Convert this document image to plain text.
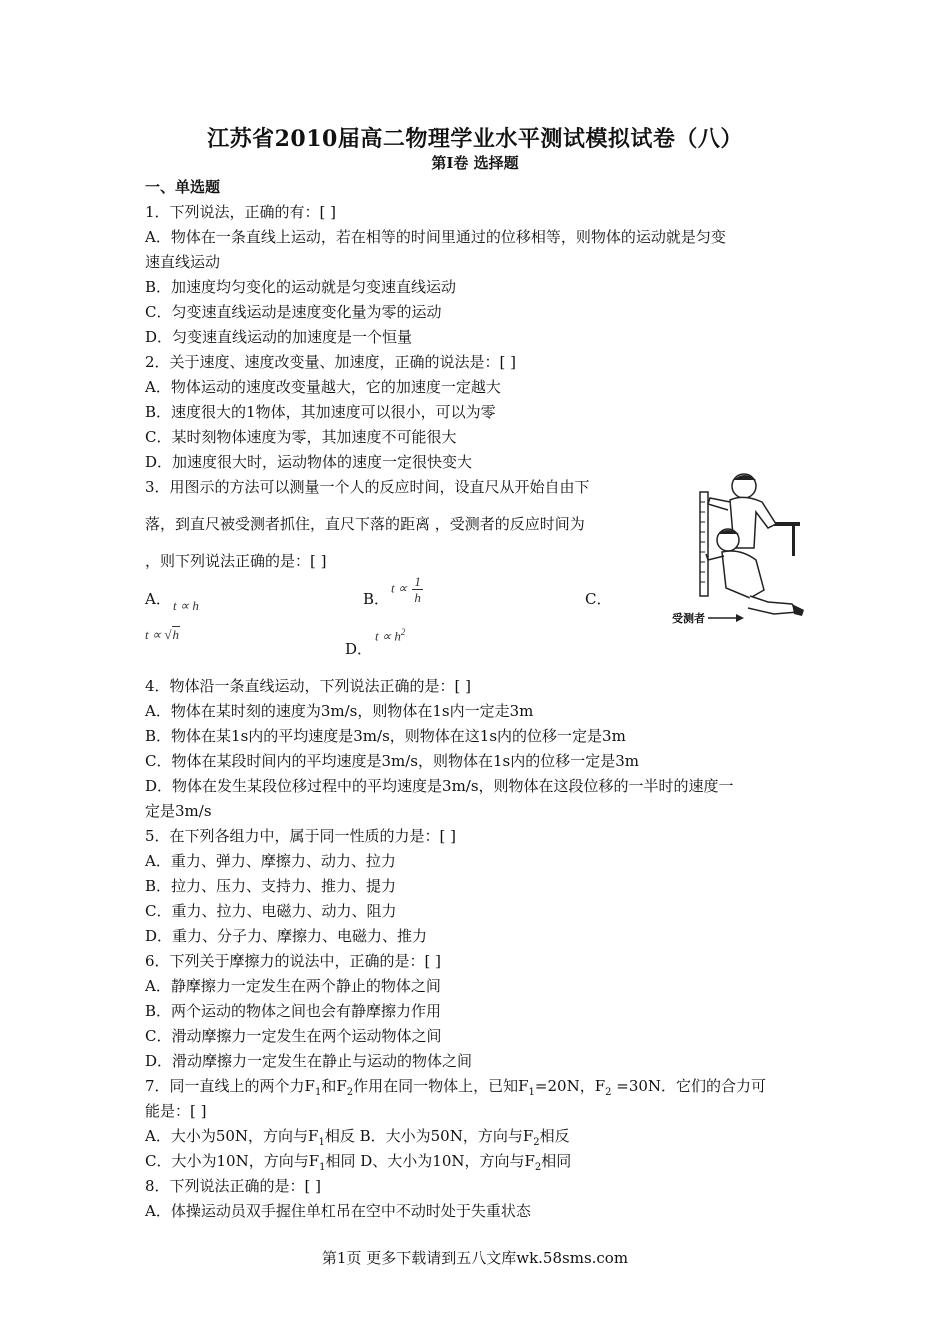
江苏省2010届高二物理学业水平测试模拟试卷（八）
第Ⅰ卷 选择题
一、单选题
1．下列说法，正确的有：[ ]
A．物体在一条直线上运动，若在相等的时间里通过的位移相等，则物体的运动就是匀变
速直线运动
B．加速度均匀变化的运动就是匀变速直线运动
C．匀变速直线运动是速度变化量为零的运动
D．匀变速直线运动的加速度是一个恒量
2．关于速度、速度改变量、加速度，正确的说法是：[ ]
A．物体运动的速度改变量越大，它的加速度一定越大
B．速度很大的1物体，其加速度可以很小，可以为零
C．某时刻物体速度为零，其加速度不可能很大
D．加速度很大时，运动物体的速度一定很快变大
3．用图示的方法可以测量一个人的反应时间，设直尺从开始自由下
落，到直尺被受测者抓住，直尺下落的距离 ，受测者的反应时间为
，则下列说法正确的是：[ ]
A． t ∝ h	B．
$t \propto \frac{1}{h}$	C．
t ∝ √h
D．
$t \propto h^2$
受测者
4．物体沿一条直线运动，下列说法正确的是：[ ]
A．物体在某时刻的速度为3m/s，则物体在1s内一定走3m
B．物体在某1s内的平均速度是3m/s，则物体在这1s内的位移一定是3m
C．物体在某段时间内的平均速度是3m/s，则物体在1s内的位移一定是3m
D．物体在发生某段位移过程中的平均速度是3m/s，则物体在这段位移的一半时的速度一
定是3m/s
5．在下列各组力中，属于同一性质的力是：[ ]
A．重力、弹力、摩擦力、动力、拉力
B．拉力、压力、支持力、推力、提力
C．重力、拉力、电磁力、动力、阻力
D．重力、分子力、摩擦力、电磁力、推力
6．下列关于摩擦力的说法中，正确的是：[ ]
A．静摩擦力一定发生在两个静止的物体之间
B．两个运动的物体之间也会有静摩擦力作用
C．滑动摩擦力一定发生在两个运动物体之间
D．滑动摩擦力一定发生在静止与运动的物体之间
7．同一直线上的两个力$F_1$和$F_2$作用在同一物体上，已知$F_1=20N$，$F_2 =30N$．它们的合力可
能是：[ ]
A．大小为50N，方向与$F_1$相反 B．大小为50N，方向与$F_2$相反
C．大小为10N，方向与$F_1$相同 D、大小为10N，方向与$F_2$相同
8．下列说法正确的是：[ ]
A．体操运动员双手握住单杠吊在空中不动时处于失重状态
第1页 更多下载请到五八文库wk.58sms.com
